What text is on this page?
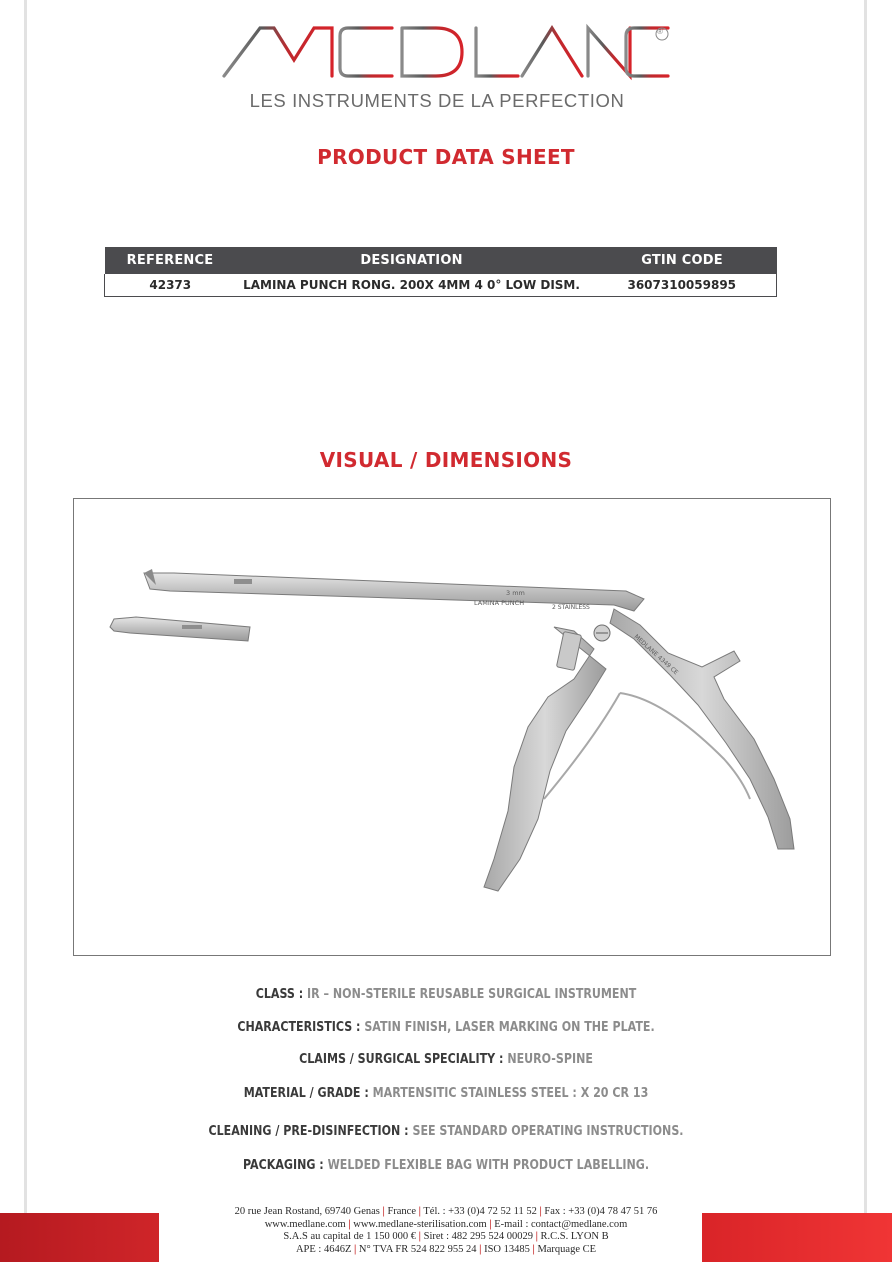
®
LES INSTRUMENTS DE LA PERFECTION
PRODUCT DATA SHEET
REFERENCE	DESIGNATION	GTIN CODE
42373	LAMINA PUNCH RONG. 200X 4MM 4 0° LOW DISM.	3607310059895
VISUAL / DIMENSIONS
3 mm
LAMINA PUNCH
2 STAINLESS
MEDLANE 4349 CE
CLASS : IR – NON-STERILE REUSABLE SURGICAL INSTRUMENT
CHARACTERISTICS : SATIN FINISH, LASER MARKING ON THE PLATE.
CLAIMS / SURGICAL SPECIALITY : NEURO-SPINE
MATERIAL / GRADE : MARTENSITIC STAINLESS STEEL : X 20 CR 13
CLEANING / PRE-DISINFECTION : SEE STANDARD OPERATING INSTRUCTIONS.
PACKAGING : WELDED FLEXIBLE BAG WITH PRODUCT LABELLING.
20 rue Jean Rostand, 69740 Genas | France | Tél. : +33 (0)4 72 52 11 52 | Fax : +33 (0)4 78 47 51 76
www.medlane.com | www.medlane-sterilisation.com | E-mail : contact@medlane.com
S.A.S au capital de 1 150 000 € | Siret : 482 295 524 00029 | R.C.S. LYON B
APE : 4646Z | N° TVA FR 524 822 955 24 | ISO 13485 | Marquage CE
